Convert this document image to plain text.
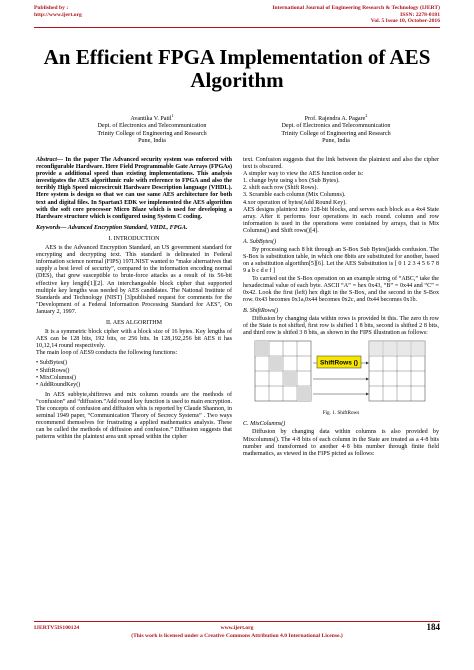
Published by :
http://www.ijert.org
International Journal of Engineering Research & Technology (IJERT)
ISSN: 2278-0181
Vol. 5 Issue 10, October-2016
An Efficient FPGA Implementation of AES Algorithm
Avantika V. Patil$^1$
Dept. of Electronics and Telecommunication
Trinity College of Engineering and Research
Pune, India
Prof. Rajendra A. Pagare$^2$
Dept. of Electronics and Telecommunication
Trinity College of Engineering and Research
Pune, India

Abstract— In the paper The Advanced security system was enforced with reconfigurable Hardware. Here Field Programmable Gate Arrays (FPGAs) provide a additional speed than existing implementations. This analysis investigates the AES algorithmic rule with reference to FPGA and also the terribly High Speed microcircuit Hardware Description language (VHDL). Here system is design so that we can use same AES architecture for both text and digital files. In Spartan3 EDK we implemented the AES algorithm with the soft core processor Micro Blaze which is used for developing a Hardware structure which is configured using System C coding.

Keywords— Advanced Encryption Standard, VHDL, FPGA.

I. INTRODUCTION

AES is the Advanced Encryption Standard, an US government standard for encrypting and decrypting text. This standard is delineated in Federal information science normal (FIPS) 197I.NIST wanted to “make alternatives that supply a best level of security”, compared to the information encoding normal (DES), that grew susceptible to brute-force attacks as a result of its 56-bit effective key length[1][2]. An interchangeable block cipher that supported multiple key lengths was needed by AES candidates. The National Institute of Standards and Technology (NIST) [3]published request for comments for the "Development of a Federal Information Processing Standard for AES", On January 2, 1997.

II. AES ALGORITHM

It is a symmetric block cipher with a block size of 16 bytes. Key lengths of AES can be 128 bits, 192 bits, or 256 bits. In 128,192,256 bit AES it has 10,12,14 round respectively.

The main loop of AES9 conducts the following functions:

• SubBytes()
• ShiftRows()
• MixColumns()
• AddRoundKey()

In AES subbyte,shiftrows and mix column rounds are the methods of “confusion” and “diffusion.”Add round key function is used to main encryption. The concepts of confusion and diffusion whis is reported by Claude Shannon, in seminal 1949 paper, “Communication Theory of Secrecy Systems” . Two ways recommend themselves for frustrating a applied mathematics analysis. These can be called the methods of diffusion and confusion.” Diffusion suggests that patterns within the plaintext area unit spread within the cipher

text. Confusion suggests that the link between the plaintext and also the cipher text is obscured.

A simpler way to view the AES function order is:

1. change byte using s box (Sub Bytes).
2. shift each row (Shift Rows).
3. Scramble each column (Mix Columns).
4.xor operation of bytes(Add Round Key).

AES designs plaintext into 128-bit blocks, and serves each block as a 4x4 State array. After it performs four operations in each round. column and row information is used in the operations were contained by arrays, that is Mix Columns() and Shift rows()[4].

A. SubBytes()

By processing each 8 bit through an S-Box Sub Bytes()adds confusion. The S-Box is substitution table, in which one 8bits are substituted for another, based on a substitution algorithm[5][6]. Let the AES Substitution is [ 0 1 2 3 4 5 6 7 8 9 a b c d e f ]

To carried out the S-Box operation on an example string of “ABC,” take the hexadecimal value of each byte. ASCII “A” = hex 0x43, “B” = 0x44 and “C” = 0x42. Look the first (left) hex digit in the S-Box, and the second in the S-Box row. 0x43 becomes 0x1a,0x44 becomes 0x2c, and 0x44 becomes 0x1b.

B. ShiftRows()

Diffusion by changing data within rows is provided bt this. The zero th row of the State is not shifted, first row is shifted 1 8 bits, second is shifted 2 8 bits, and third row is shifed 3 8 bits, as shown in the FIPS illustration as follows:

ShiftRows ()
Fig. 1. ShiftRows
C. MixColumns()

Diffusion by changing data within columns is also provided by Mixcolumns(). The 4·8 bits of each column in the State are treated as a 4·8 bits number and transformed to another 4·8 bits number through finite field mathematics, as viewed in the FIPS picted as follows:

IJERTV5IS100124	www.ijert.org
(This work is licensed under a Creative Commons Attribution 4.0 International License.)
184
